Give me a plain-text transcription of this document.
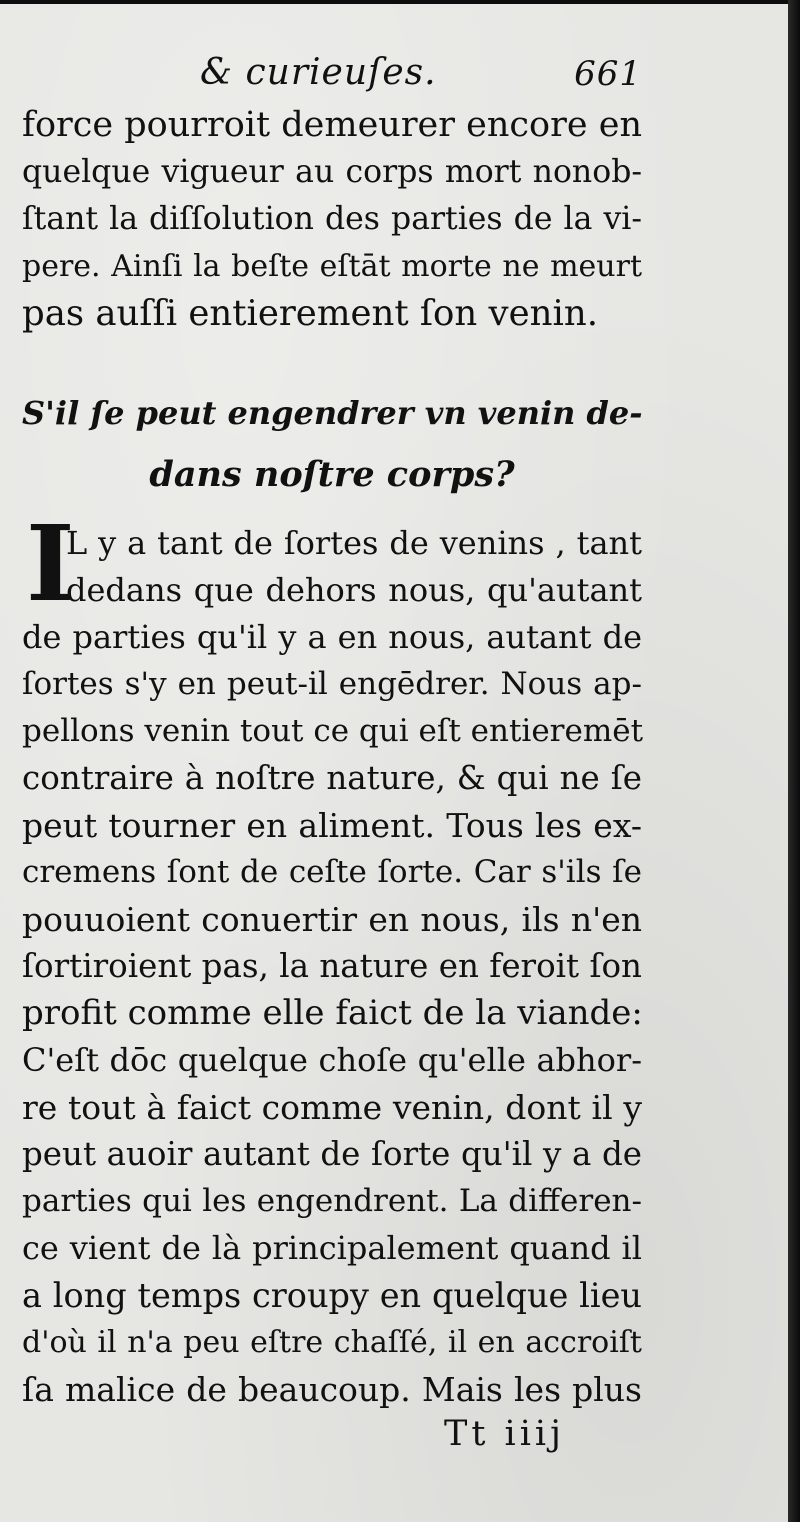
& curieuſes.	661
force pourroit demeurer encore en
quelque vigueur au corps mort nonob-
ſtant la diſſolution des parties de la vi-
pere. Ainſi la beſte eſtāt morte ne meurt
pas auſſi entierement ſon venin.
S'il ſe peut engendrer vn venin de-
dans noſtre corps?
I
L y a tant de ſortes de venins , tant
dedans que dehors nous, qu'autant
de parties qu'il y a en nous, autant de
ſortes s'y en peut-il engēdrer. Nous ap-
pellons venin tout ce qui eſt entieremēt
contraire à noſtre nature, & qui ne ſe
peut tourner en aliment. Tous les ex-
cremens ſont de ceſte ſorte. Car s'ils ſe
pouuoient conuertir en nous, ils n'en
ſortiroient pas, la nature en feroit ſon
profit comme elle faict de la viande:
C'eſt dōc quelque choſe qu'elle abhor-
re tout à faict comme venin, dont il y
peut auoir autant de ſorte qu'il y a de
parties qui les engendrent. La differen-
ce vient de là principalement quand il
a long temps croupy en quelque lieu
d'où il n'a peu eſtre chaſſé, il en accroiſt
ſa malice de beaucoup. Mais les plus
Tt iiij
